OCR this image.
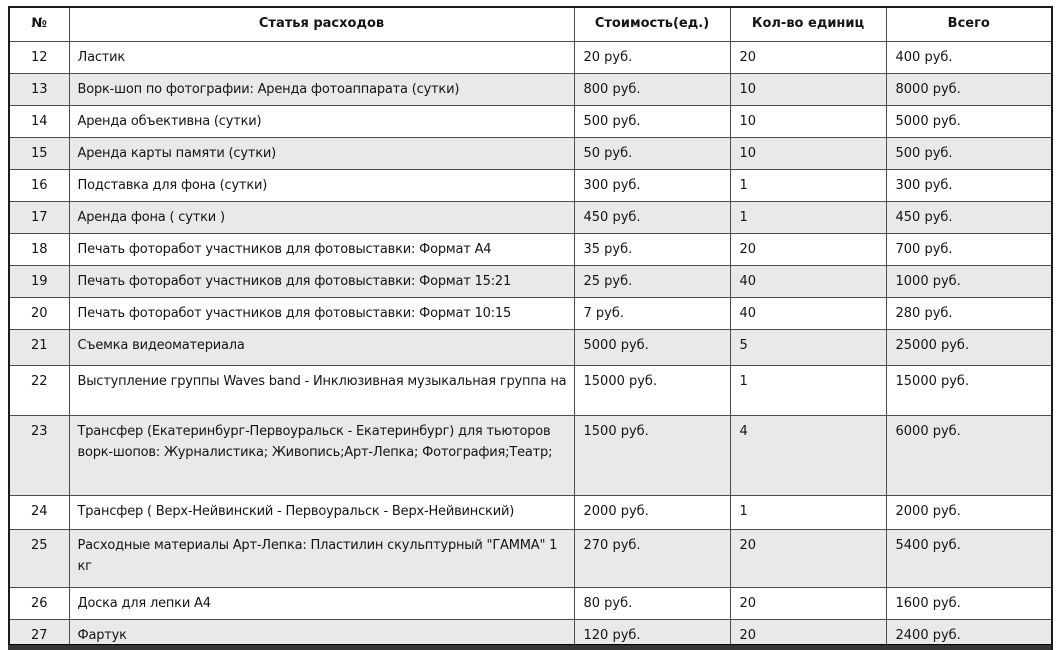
№	Статья расходов	Стоимость(ед.)	Кол-во единиц	Всего
12	Ластик	20 руб.	20	400 руб.
13	Ворк-шоп по фотографии: Аренда фотоаппарата (сутки)	800 руб.	10	8000 руб.
14	Аренда объективна (сутки)	500 руб.	10	5000 руб.
15	Аренда карты памяти (сутки)	50 руб.	10	500 руб.
16	Подставка для фона (сутки)	300 руб.	1	300 руб.
17	Аренда фона ( сутки )	450 руб.	1	450 руб.
18	Печать фоторабот участников для фотовыставки: Формат А4	35 руб.	20	700 руб.
19	Печать фоторабот участников для фотовыставки: Формат 15:21	25 руб.	40	1000 руб.
20	Печать фоторабот участников для фотовыставки: Формат 10:15	7 руб.	40	280 руб.
21	Съемка видеоматериала	5000 руб.	5	25000 руб.
22	Выступление группы Waves band - Инклюзивная музыкальная группа на	15000 руб.	1	15000 руб.
23	Трансфер (Екатеринбург-Первоуральск - Екатеринбург) для тьюторов ворк-шопов: Журналистика; Живопись;Арт-Лепка; Фотография;Театр;	1500 руб.	4	6000 руб.
24	Трансфер ( Верх-Нейвинский - Первоуральск - Верх-Нейвинский)	2000 руб.	1	2000 руб.
25	Расходные материалы Арт-Лепка: Пластилин скульптурный "ГАММА" 1 кг	270 руб.	20	5400 руб.
26	Доска для лепки А4	80 руб.	20	1600 руб.
27	Фартук	120 руб.	20	2400 руб.
